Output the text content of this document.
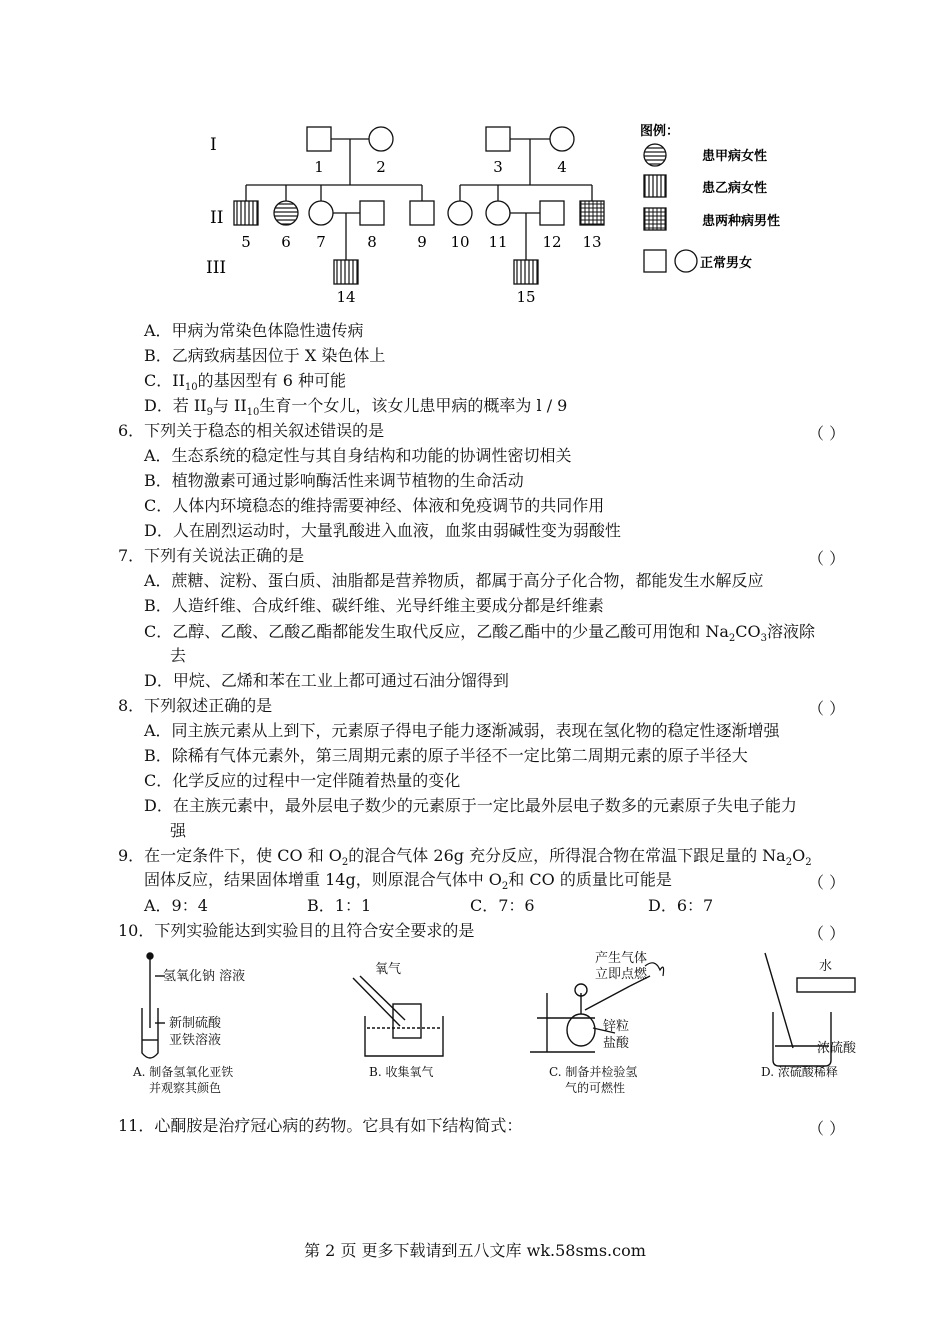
I
II
III
1	2	3	4
5 6 7	8	9 10 11 12 13
14	15
图例：
患甲病女性
患乙病女性
患两种病男性
正常男女
A．甲病为常染色体隐性遗传病
B．乙病致病基因位于 X 染色体上
C．$II_{10}$的基因型有 6 种可能
D．若 $II_9$与 $II_{10}$生育一个女儿，该女儿患甲病的概率为 l / 9
6．下列关于稳态的相关叙述错误的是	（ ）
A．生态系统的稳定性与其自身结构和功能的协调性密切相关
B．植物激素可通过影响酶活性来调节植物的生命活动
C．人体内环境稳态的维持需要神经、体液和免疫调节的共同作用
D．人在剧烈运动时，大量乳酸进入血液，血浆由弱碱性变为弱酸性
7．下列有关说法正确的是	（ ）
A．蔗糖、淀粉、蛋白质、油脂都是营养物质，都属于高分子化合物，都能发生水解反应
B．人造纤维、合成纤维、碳纤维、光导纤维主要成分都是纤维素
C．乙醇、乙酸、乙酸乙酯都能发生取代反应，乙酸乙酯中的少量乙酸可用饱和 $Na_2CO_3$溶液除
去
D．甲烷、乙烯和苯在工业上都可通过石油分馏得到
8．下列叙述正确的是	（ ）
A．同主族元素从上到下，元素原子得电子能力逐渐减弱，表现在氢化物的稳定性逐渐增强
B．除稀有气体元素外，第三周期元素的原子半径不一定比第二周期元素的原子半径大
C．化学反应的过程中一定伴随着热量的变化
D．在主族元素中，最外层电子数少的元素原于一定比最外层电子数多的元素原子失电子能力
强
9．在一定条件下，使 CO 和 $O_2$的混合气体 26g 充分反应，所得混合物在常温下跟足量的 $Na_2O_2$
固体反应，结果固体增重 14g，则原混合气体中 $O_2$和 CO 的质量比可能是	（ ）
A．9：4	B．1：1	C．7：6	D．6：7
10．下列实验能达到实验目的且符合安全要求的是	（ ）
氢氧化钠 溶液
新制硫酸
亚铁溶液
氧气
产生气体
立即点燃
锌粒
盐酸
水
浓硫酸
A. 制备氢氧化亚铁
并观察其颜色
B. 收集氧气	C. 制备并检验氢
气的可燃性
D. 浓硫酸稀释
11．心酮胺是治疗冠心病的药物。它具有如下结构简式：	（ ）
第 2 页 更多下载请到五八文库 wk.58sms.com
